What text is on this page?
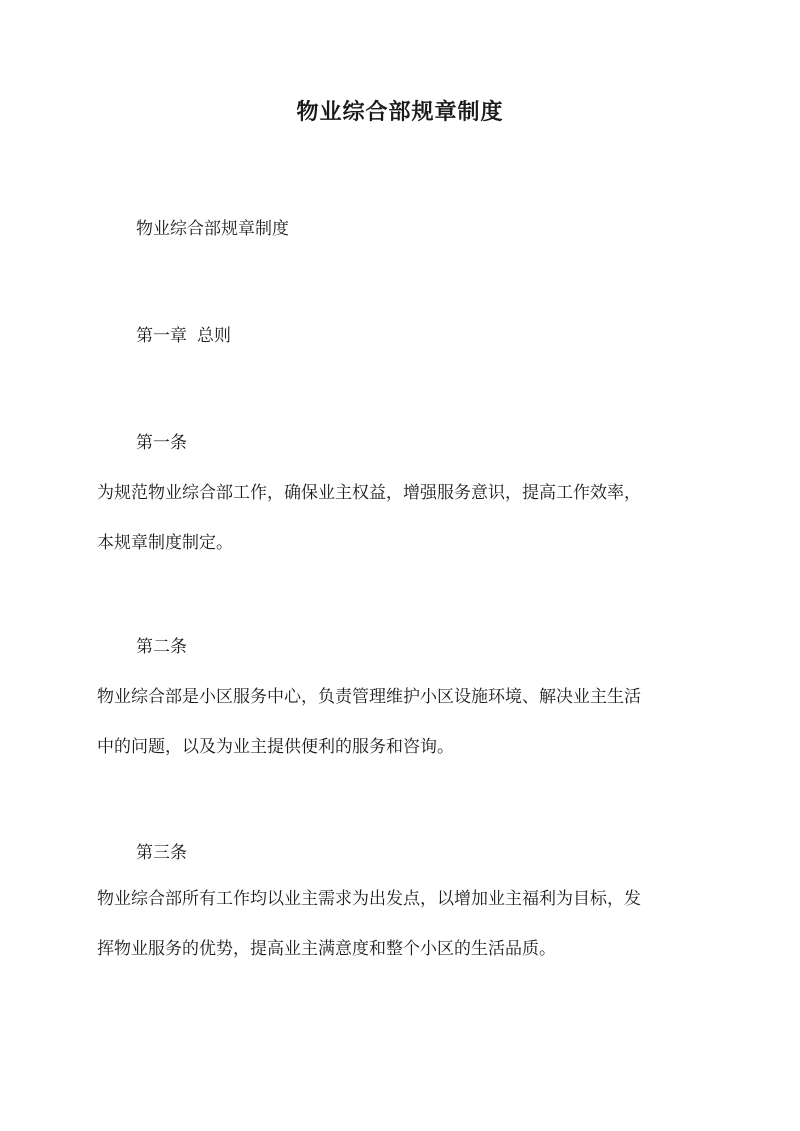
物业综合部规章制度

物业综合部规章制度

第一章 总则

第一条

为规范物业综合部工作，确保业主权益，增强服务意识，提高工作效率，

本规章制度制定。

第二条

物业综合部是小区服务中心，负责管理维护小区设施环境、解决业主生活

中的问题，以及为业主提供便利的服务和咨询。

第三条

物业综合部所有工作均以业主需求为出发点，以增加业主福利为目标，发

挥物业服务的优势，提高业主满意度和整个小区的生活品质。
